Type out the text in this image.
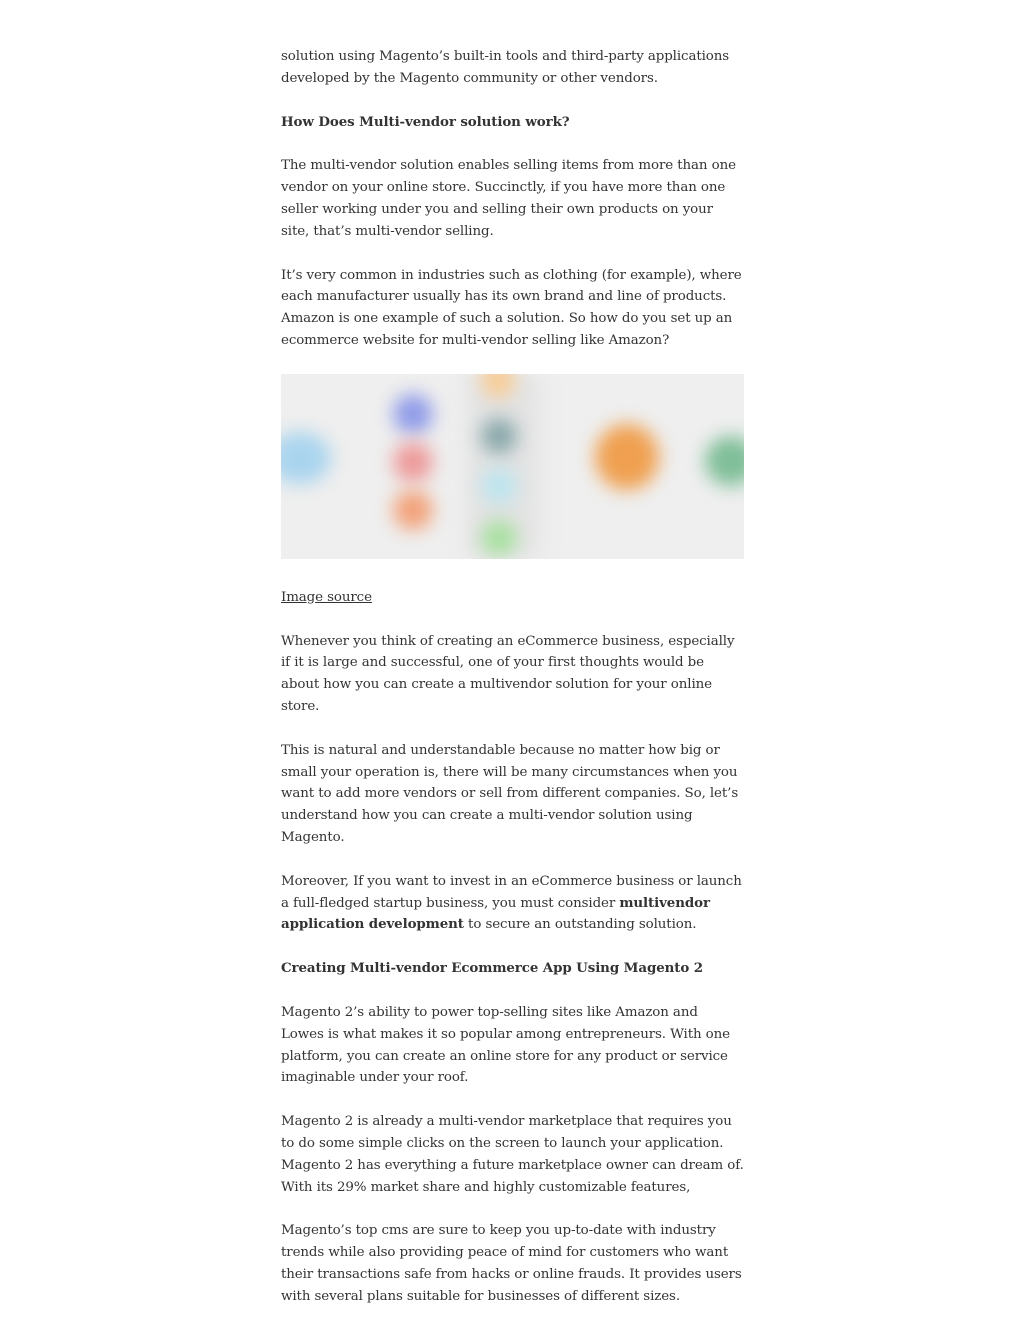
solution using Magento’s built-in tools and third-party applications developed by the Magento community or other vendors.

How Does Multi-vendor solution work?

The multi-vendor solution enables selling items from more than one vendor on your online store. Succinctly, if you have more than one seller working under you and selling their own products on your site, that’s multi-vendor selling.

It’s very common in industries such as clothing (for example), where each manufacturer usually has its own brand and line of products. Amazon is one example of such a solution. So how do you set up an ecommerce website for multi-vendor selling like Amazon?

Image source

Whenever you think of creating an eCommerce business, especially if it is large and successful, one of your first thoughts would be about how you can create a multivendor solution for your online store.

This is natural and understandable because no matter how big or small your operation is, there will be many circumstances when you want to add more vendors or sell from different companies. So, let’s understand how you can create a multi-vendor solution using Magento.

Moreover, If you want to invest in an eCommerce business or launch a full-fledged startup business, you must consider multivendor application development to secure an outstanding solution.

Creating Multi-vendor Ecommerce App Using Magento 2

Magento 2’s ability to power top-selling sites like Amazon and Lowes is what makes it so popular among entrepreneurs. With one platform, you can create an online store for any product or service imaginable under your roof.

Magento 2 is already a multi-vendor marketplace that requires you to do some simple clicks on the screen to launch your application. Magento 2 has everything a future marketplace owner can dream of. With its 29% market share and highly customizable features,

Magento’s top cms are sure to keep you up-to-date with industry trends while also providing peace of mind for customers who want their transactions safe from hacks or online frauds. It provides users with several plans suitable for businesses of different sizes.
